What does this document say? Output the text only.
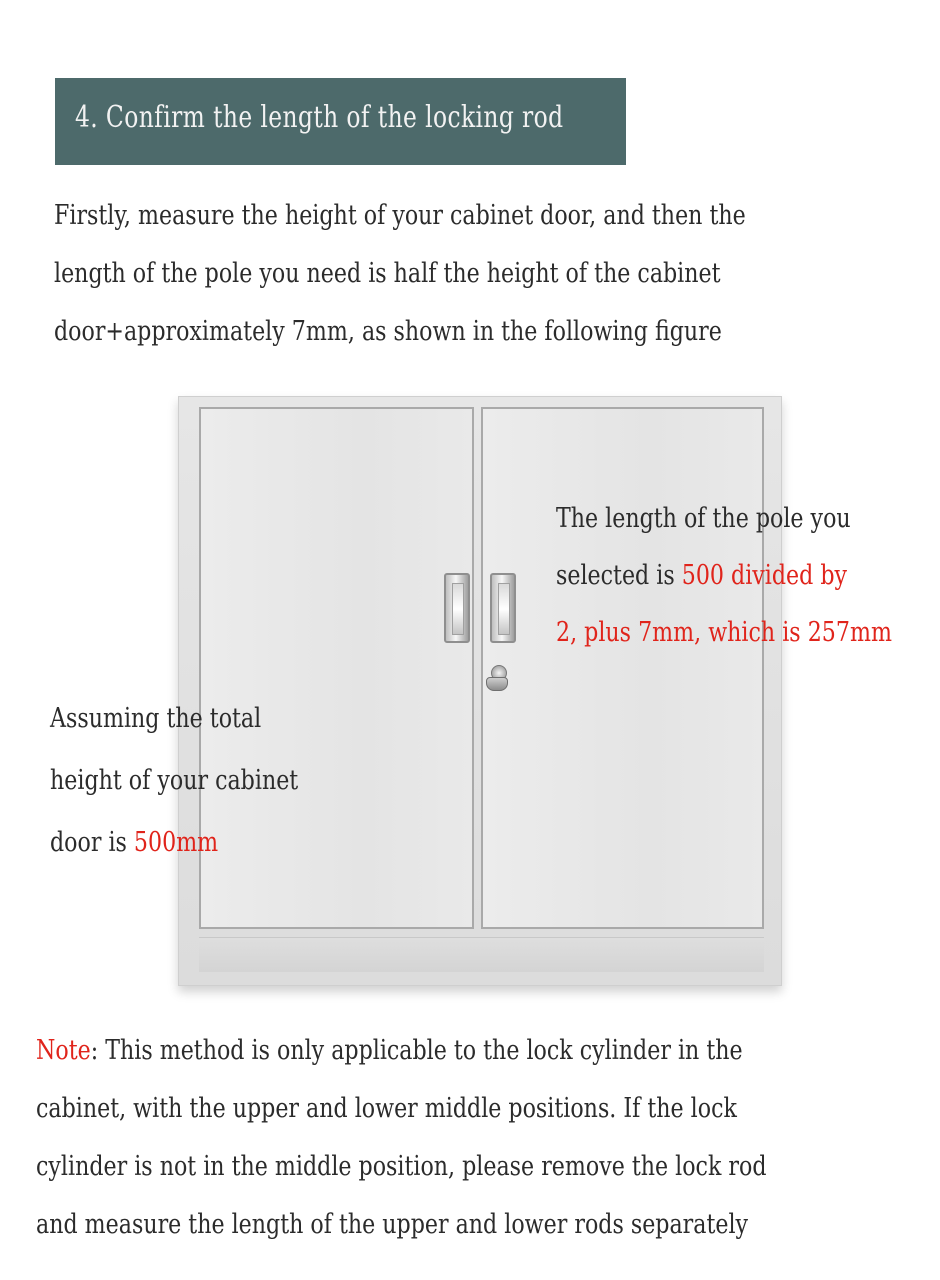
4. Confirm the length of the locking rod
Firstly, measure the height of your cabinet door, and then the
length of the pole you need is half the height of the cabinet
door+approximately 7mm, as shown in the following figure
The length of the pole you
selected is 500 divided by
2, plus 7mm, which is 257mm
Assuming the total
height of your cabinet
door is 500mm
Note: This method is only applicable to the lock cylinder in the
cabinet, with the upper and lower middle positions. If the lock
cylinder is not in the middle position, please remove the lock rod
and measure the length of the upper and lower rods separately
